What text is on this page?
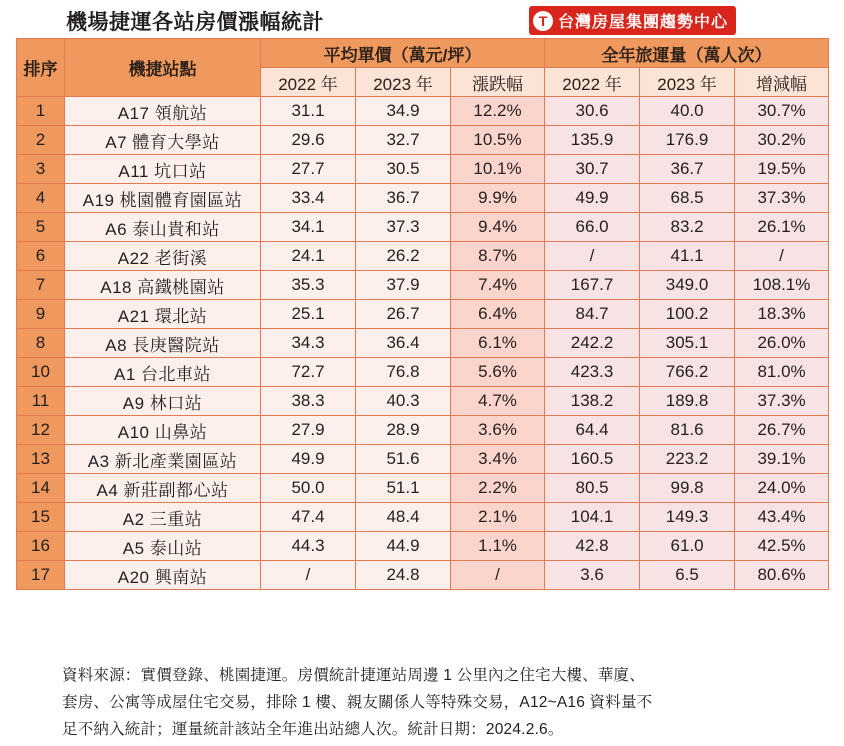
機場捷運各站房價漲幅統計	T 台灣房屋集團趨勢中心
排序	機捷站點	平均單價（萬元/坪）			全年旅運量（萬人次）		
		2022 年	2023 年	漲跌幅	2022 年	2023 年	增減幅
1	A17 領航站	31.1	34.9	12.2%	30.6	40.0	30.7%
2	A7 體育大學站	29.6	32.7	10.5%	135.9	176.9	30.2%
3	A11 坑口站	27.7	30.5	10.1%	30.7	36.7	19.5%
4	A19 桃園體育園區站	33.4	36.7	9.9%	49.9	68.5	37.3%
5	A6 泰山貴和站	34.1	37.3	9.4%	66.0	83.2	26.1%
6	A22 老街溪	24.1	26.2	8.7%	/	41.1	/
7	A18 高鐵桃園站	35.3	37.9	7.4%	167.7	349.0	108.1%
9	A21 環北站	25.1	26.7	6.4%	84.7	100.2	18.3%
8	A8 長庚醫院站	34.3	36.4	6.1%	242.2	305.1	26.0%
10	A1 台北車站	72.7	76.8	5.6%	423.3	766.2	81.0%
11	A9 林口站	38.3	40.3	4.7%	138.2	189.8	37.3%
12	A10 山鼻站	27.9	28.9	3.6%	64.4	81.6	26.7%
13	A3 新北產業園區站	49.9	51.6	3.4%	160.5	223.2	39.1%
14	A4 新莊副都心站	50.0	51.1	2.2%	80.5	99.8	24.0%
15	A2 三重站	47.4	48.4	2.1%	104.1	149.3	43.4%
16	A5 泰山站	44.3	44.9	1.1%	42.8	61.0	42.5%
17	A20 興南站	/	24.8	/	3.6	6.5	80.6%
資料來源：實價登錄、桃園捷運。房價統計捷運站周邊 1 公里內之住宅大樓、華廈、
套房、公寓等成屋住宅交易，排除 1 樓、親友關係人等特殊交易，A12~A16 資料量不
足不納入統計；運量統計該站全年進出站總人次。統計日期：2024.2.6。
